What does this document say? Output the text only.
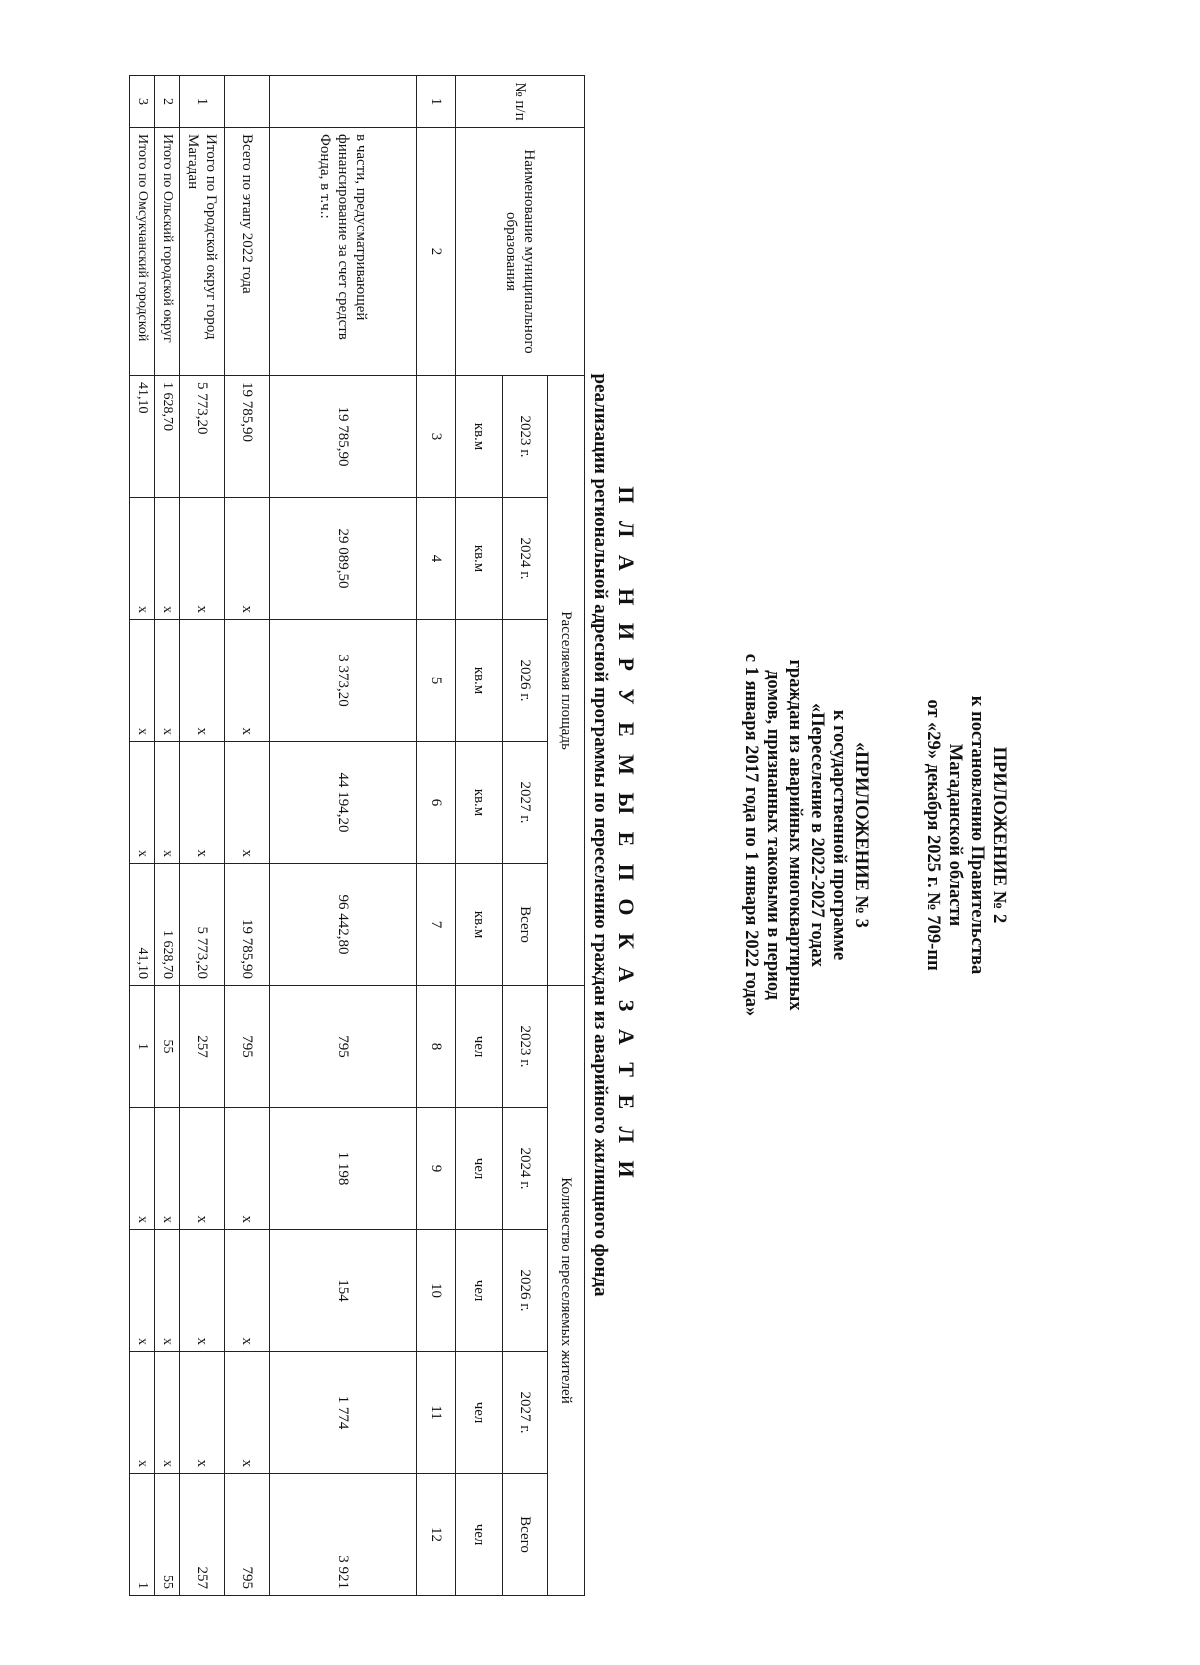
ПРИЛОЖЕНИЕ № 2
к постановлению Правительства
Магаданской области
от «29» декабря 2025 г. № 709-пп
«ПРИЛОЖЕНИЕ № 3
к государственной программе
«Переселение в 2022-2027 годах
граждан из аварийных многоквартирных
домов, признанных таковыми в период
с 1 января 2017 года по 1 января 2022 года»
П Л А Н И Р У Е М Ы Е П О К А З А Т Е Л И
реализации региональной адресной программы по переселению граждан из аварийного жилищного фонда
№ п/п	Наименование муниципального образования	Расселяемая площадь					Количество переселяемых жителей				
		2023 г.	2024 г.	2026 г.	2027 г.	Всего	2023 г.	2024 г.	2026 г.	2027 г.	Всего
		кв.м	кв.м	кв.м	кв.м	кв.м	чел	чел	чел	чел	чел
1	2	3	4	5	6	7	8	9	10	11	12
	в части, предусматривающей финансирование за счет средств Фонда, в т.ч.:	19 785,90	29 089,50	3 373,20	44 194,20	96 442,80	795	1 198	154	1 774	3 921
	Всего по этапу 2022 года	19 785,90	х	х	х	19 785,90	795	х	х	х	795
1	Итого по Городской округ город Магадан	5 773,20	х	х	х	5 773,20	257	х	х	х	257
2	Итого по Ольский городской округ	1 628,70	х	х	х	1 628,70	55	х	х	х	55
3	Итого по Омсукчанский городской	41,10	х	х	х	41,10	1	х	х	х	1
